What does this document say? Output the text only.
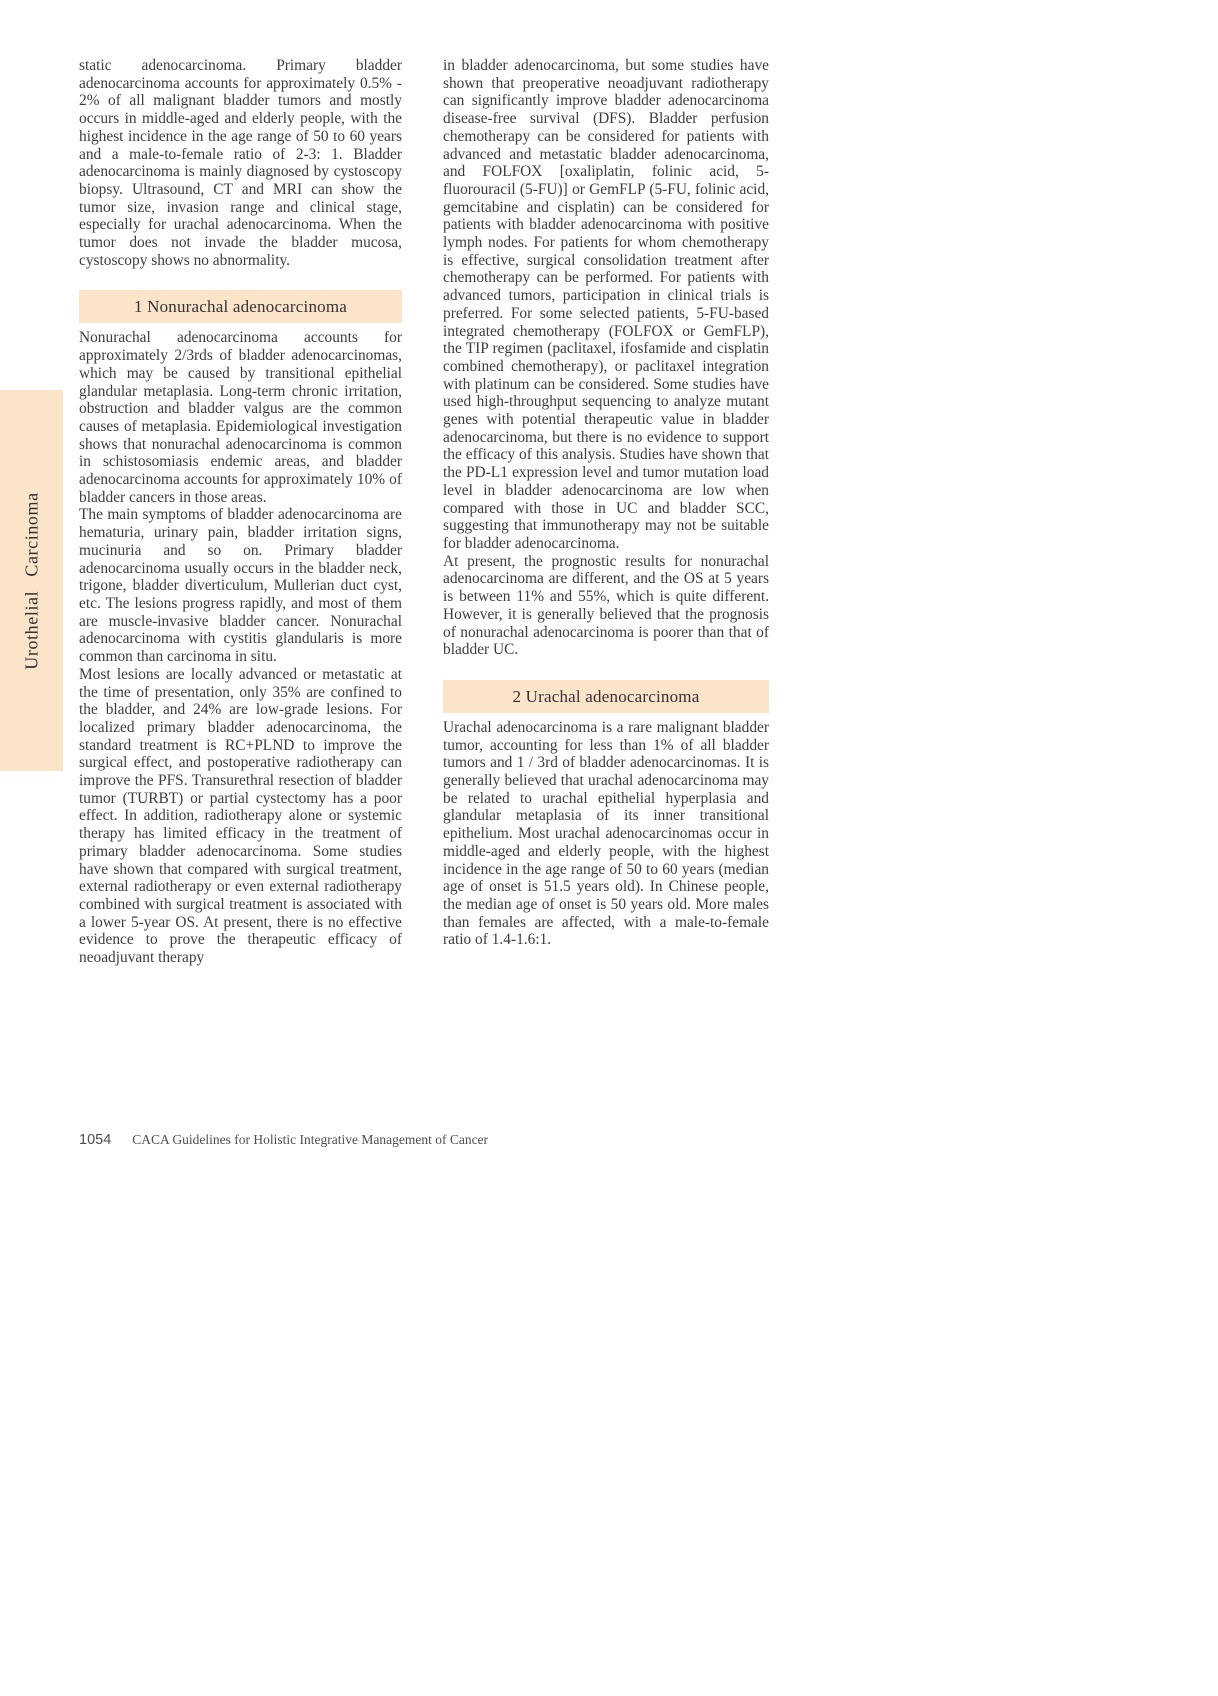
Urothelial Carcinoma

static adenocarcinoma. Primary bladder adenocarcinoma accounts for approximately 0.5% - 2% of all malignant bladder tumors and mostly occurs in middle-aged and elderly people, with the highest incidence in the age range of 50 to 60 years and a male-to-female ratio of 2-3: 1. Bladder adenocarcinoma is mainly diagnosed by cystoscopy biopsy. Ultrasound, CT and MRI can show the tumor size, invasion range and clinical stage, especially for urachal adenocarcinoma. When the tumor does not invade the bladder mucosa, cystoscopy shows no abnormality.

1 Nonurachal adenocarcinoma

Nonurachal adenocarcinoma accounts for approximately 2/3rds of bladder adenocarcinomas, which may be caused by transitional epithelial glandular metaplasia. Long-term chronic irritation, obstruction and bladder valgus are the common causes of metaplasia. Epidemiological investigation shows that nonurachal adenocarcinoma is common in schistosomiasis endemic areas, and bladder adenocarcinoma accounts for approximately 10% of bladder cancers in those areas.

The main symptoms of bladder adenocarcinoma are hematuria, urinary pain, bladder irritation signs, mucinuria and so on. Primary bladder adenocarcinoma usually occurs in the bladder neck, trigone, bladder diverticulum, Mullerian duct cyst, etc. The lesions progress rapidly, and most of them are muscle-invasive bladder cancer. Nonurachal adenocarcinoma with cystitis glandularis is more common than carcinoma in situ.

Most lesions are locally advanced or metastatic at the time of presentation, only 35% are confined to the bladder, and 24% are low-grade lesions. For localized primary bladder adenocarcinoma, the standard treatment is RC+PLND to improve the surgical effect, and postoperative radiotherapy can improve the PFS. Transurethral resection of bladder tumor (TURBT) or partial cystectomy has a poor effect. In addition, radiotherapy alone or systemic therapy has limited efficacy in the treatment of primary bladder adenocarcinoma. Some studies have shown that compared with surgical treatment, external radiotherapy or even external radiotherapy combined with surgical treatment is associated with a lower 5-year OS. At present, there is no effective evidence to prove the therapeutic efficacy of neoadjuvant therapy

in bladder adenocarcinoma, but some studies have shown that preoperative neoadjuvant radiotherapy can significantly improve bladder adenocarcinoma disease-free survival (DFS). Bladder perfusion chemotherapy can be considered for patients with advanced and metastatic bladder adenocarcinoma, and FOLFOX [oxaliplatin, folinic acid, 5-fluorouracil (5-FU)] or GemFLP (5-FU, folinic acid, gemcitabine and cisplatin) can be considered for patients with bladder adenocarcinoma with positive lymph nodes. For patients for whom chemotherapy is effective, surgical consolidation treatment after chemotherapy can be performed. For patients with advanced tumors, participation in clinical trials is preferred. For some selected patients, 5-FU-based integrated chemotherapy (FOLFOX or GemFLP), the TIP regimen (paclitaxel, ifosfamide and cisplatin combined chemotherapy), or paclitaxel integration with platinum can be considered. Some studies have used high-throughput sequencing to analyze mutant genes with potential therapeutic value in bladder adenocarcinoma, but there is no evidence to support the efficacy of this analysis. Studies have shown that the PD-L1 expression level and tumor mutation load level in bladder adenocarcinoma are low when compared with those in UC and bladder SCC, suggesting that immunotherapy may not be suitable for bladder adenocarcinoma.

At present, the prognostic results for nonurachal adenocarcinoma are different, and the OS at 5 years is between 11% and 55%, which is quite different. However, it is generally believed that the prognosis of nonurachal adenocarcinoma is poorer than that of bladder UC.

2 Urachal adenocarcinoma

Urachal adenocarcinoma is a rare malignant bladder tumor, accounting for less than 1% of all bladder tumors and 1 / 3rd of bladder adenocarcinomas. It is generally believed that urachal adenocarcinoma may be related to urachal epithelial hyperplasia and glandular metaplasia of its inner transitional epithelium. Most urachal adenocarcinomas occur in middle-aged and elderly people, with the highest incidence in the age range of 50 to 60 years (median age of onset is 51.5 years old). In Chinese people, the median age of onset is 50 years old. More males than females are affected, with a male-to-female ratio of 1.4-1.6:1.

1054 CACA Guidelines for Holistic Integrative Management of Cancer
